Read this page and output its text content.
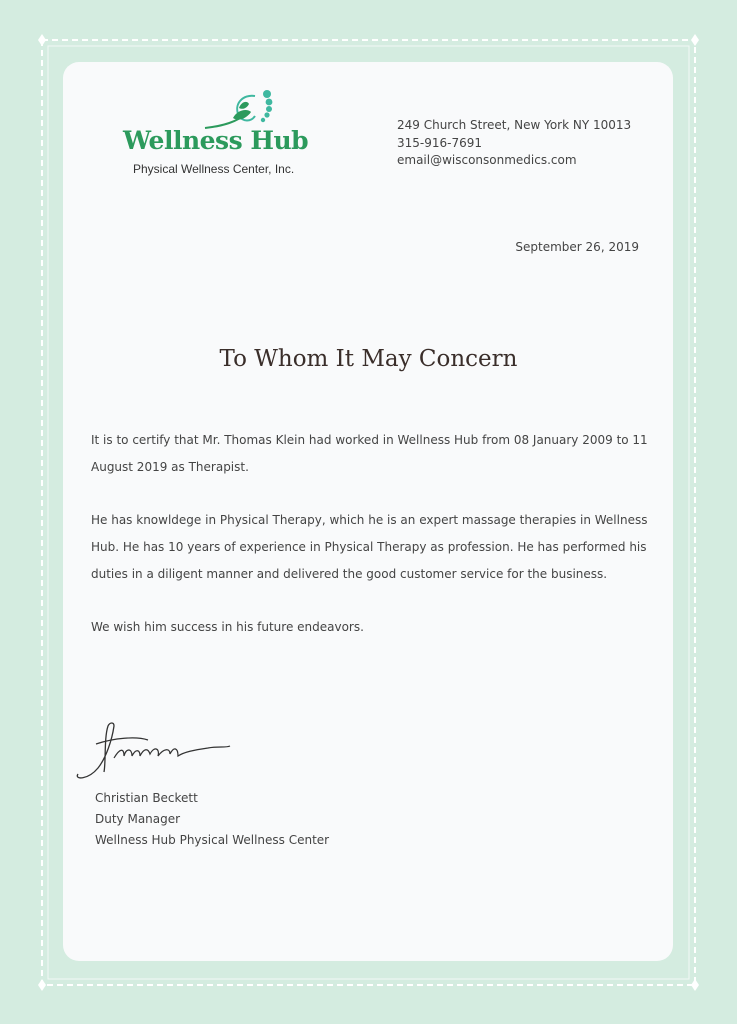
Wellness Hub
Physical Wellness Center, Inc.
249 Church Street, New York NY 10013
315-916-7691
email@wisconsonmedics.com
September 26, 2019
To Whom It May Concern

It is to certify that Mr. Thomas Klein had worked in Wellness Hub from 08 January 2009 to 11 August 2019 as Therapist.

He has knowldege in Physical Therapy, which he is an expert massage therapies in Wellness Hub. He has 10 years of experience in Physical Therapy as profession. He has performed his duties in a diligent manner and delivered the good customer service for the business.

We wish him success in his future endeavors.

Christian Beckett
Duty Manager
Wellness Hub Physical Wellness Center
